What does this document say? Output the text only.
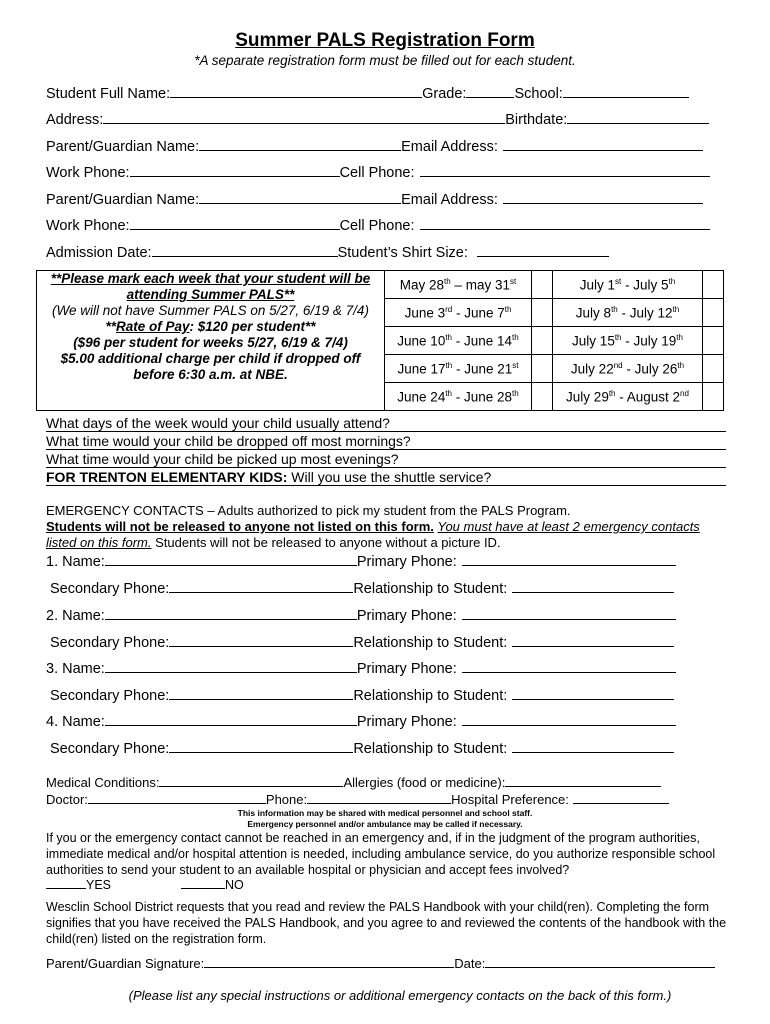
Summer PALS Registration Form
*A separate registration form must be filled out for each student.
Student Full Name:	Grade:	School:
Address:	Birthdate:
Parent/Guardian Name:	Email Address:
Work Phone:	Cell Phone:
Parent/Guardian Name:	Email Address:
Work Phone:	Cell Phone:
Admission Date:	Student’s Shirt Size:
**Please mark each week that your student will be attending Summer PALS**
(We will not have Summer PALS on 5/27, 6/19 & 7/4)
**Rate of Pay: $120 per student**
($96 per student for weeks 5/27, 6/19 & 7/4)
$5.00 additional charge per child if dropped off before 6:30 a.m. at NBE.	May 28th – may 31st		July 1st - July 5th	
	June 3rd - June 7th		July 8th - July 12th	
	June 10th - June 14th		July 15th - July 19th	
	June 17th - June 21st		July 22nd - July 26th	
	June 24th - June 28th		July 29th - August 2nd	
What days of the week would your child usually attend?
What time would your child be dropped off most mornings?
What time would your child be picked up most evenings?
FOR TRENTON ELEMENTARY KIDS: Will you use the shuttle service?
EMERGENCY CONTACTS – Adults authorized to pick my student from the PALS Program.
Students will not be released to anyone not listed on this form. You must have at least 2 emergency contacts listed on this form. Students will not be released to anyone without a picture ID.
1. Name:	Primary Phone:
Secondary Phone:	Relationship to Student:
2. Name:	Primary Phone:
Secondary Phone:	Relationship to Student:
3. Name:	Primary Phone:
Secondary Phone:	Relationship to Student:
4. Name:	Primary Phone:
Secondary Phone:	Relationship to Student:
Medical Conditions:	Allergies (food or medicine):
Doctor:	Phone:	Hospital Preference:
This information may be shared with medical personnel and school staff.
Emergency personnel and/or ambulance may be called if necessary.
If you or the emergency contact cannot be reached in an emergency and, if in the judgment of the program authorities, immediate medical and/or hospital attention is needed, including ambulance service, do you authorize responsible school authorities to send your student to an available hospital or physician and accept fees involved?
YES	NO
Wesclin School District requests that you read and review the PALS Handbook with your child(ren). Completing the form signifies that you have received the PALS Handbook, and you agree to and reviewed the contents of the handbook with the child(ren) listed on the registration form.
Parent/Guardian Signature:	Date:
(Please list any special instructions or additional emergency contacts on the back of this form.)
